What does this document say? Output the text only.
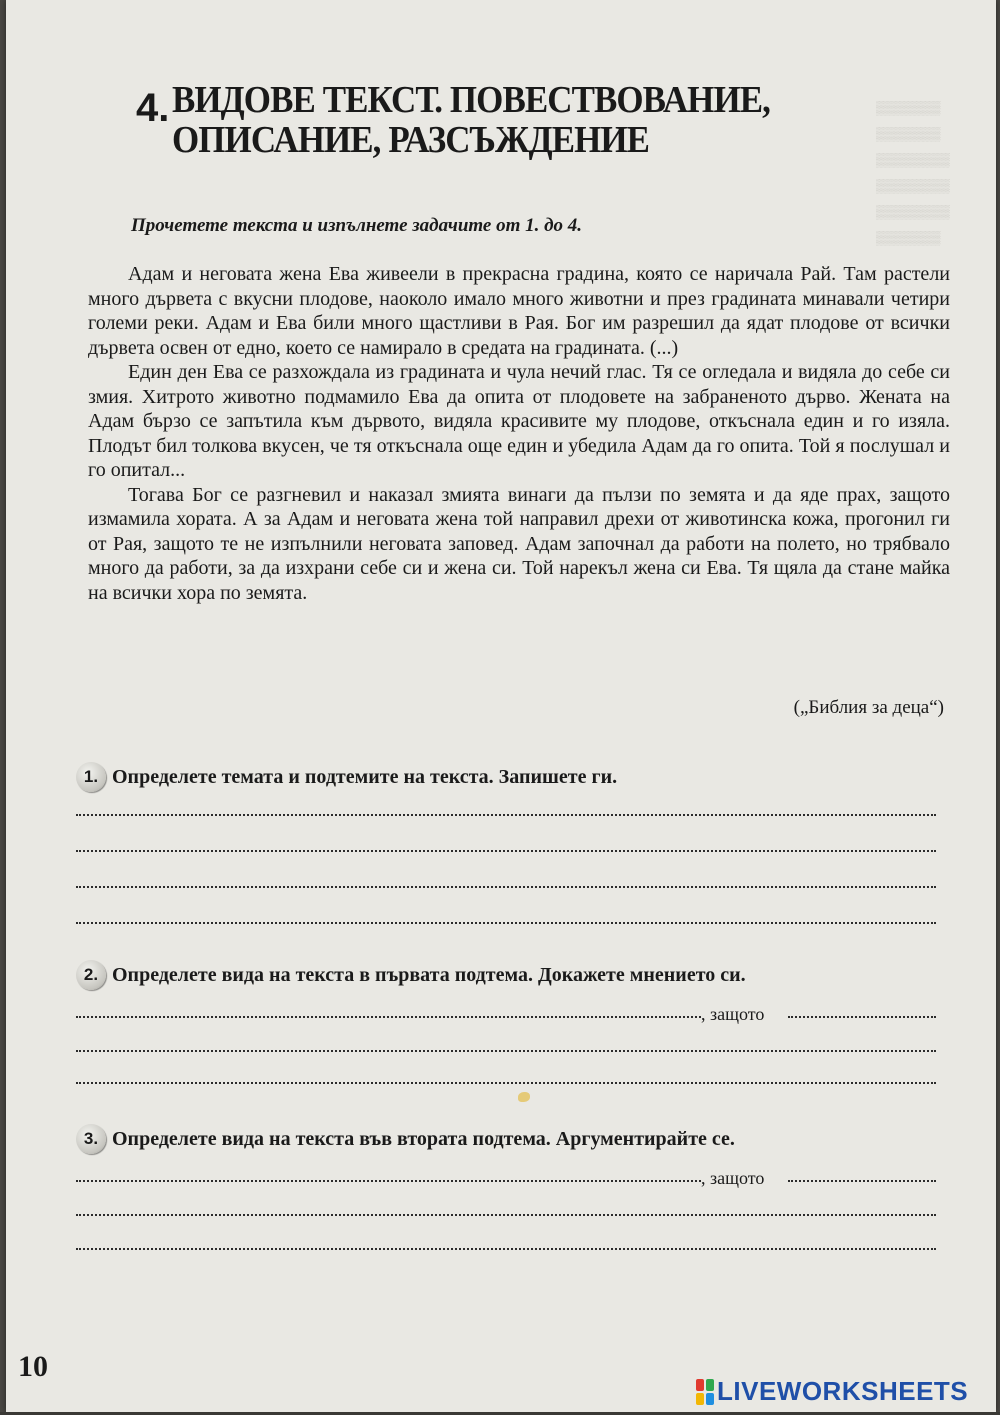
▒▒▒▒▒▒▒
▒▒▒▒▒▒▒
▒▒▒▒▒▒▒▒
▒▒▒▒▒▒▒▒
▒▒▒▒▒▒▒▒
▒▒▒▒▒▒▒
4. ВИДОВЕ ТЕКСТ. ПОВЕСТВОВАНИЕ,
ОПИСАНИЕ, РАЗСЪЖДЕНИЕ
Прочетете текста и изпълнете задачите от 1. до 4.

Адам и неговата жена Ева живеели в прекрасна градина, която се наричала Рай. Там растели много дървета с вкусни плодове, наоколо имало много животни и през градината минавали четири големи реки. Адам и Ева били много щастливи в Рая. Бог им разрешил да ядат плодове от всички дървета освен от едно, което се намирало в средата на градината. (...)

Един ден Ева се разхождала из градината и чула нечий глас. Тя се огледала и видяла до себе си змия. Хитрото животно подмамило Ева да опита от плодовете на забраненото дърво. Жената на Адам бързо се запътила към дървото, видяла красивите му плодове, откъснала един и го изяла. Плодът бил толкова вкусен, че тя откъснала още един и убедила Адам да го опита. Той я послушал и го опитал...

Тогава Бог се разгневил и наказал змията винаги да пълзи по земята и да яде прах, защото измамила хората. А за Адам и неговата жена той направил дрехи от животинска кожа, прогонил ги от Рая, защото те не изпълнили неговата заповед. Адам започнал да работи на полето, но трябвало много да работи, за да изхрани себе си и жена си. Той нарекъл жена си Ева. Тя щяла да стане майка на всички хора по земята.

(„Библия за деца“)
1. Определете темата и подтемите на текста. Запишете ги.
2. Определете вида на текста в първата подтема. Докажете мнението си.
, защото
3. Определете вида на текста във втората подтема. Аргументирайте се.
, защото
10
LIVEWORKSHEETS
